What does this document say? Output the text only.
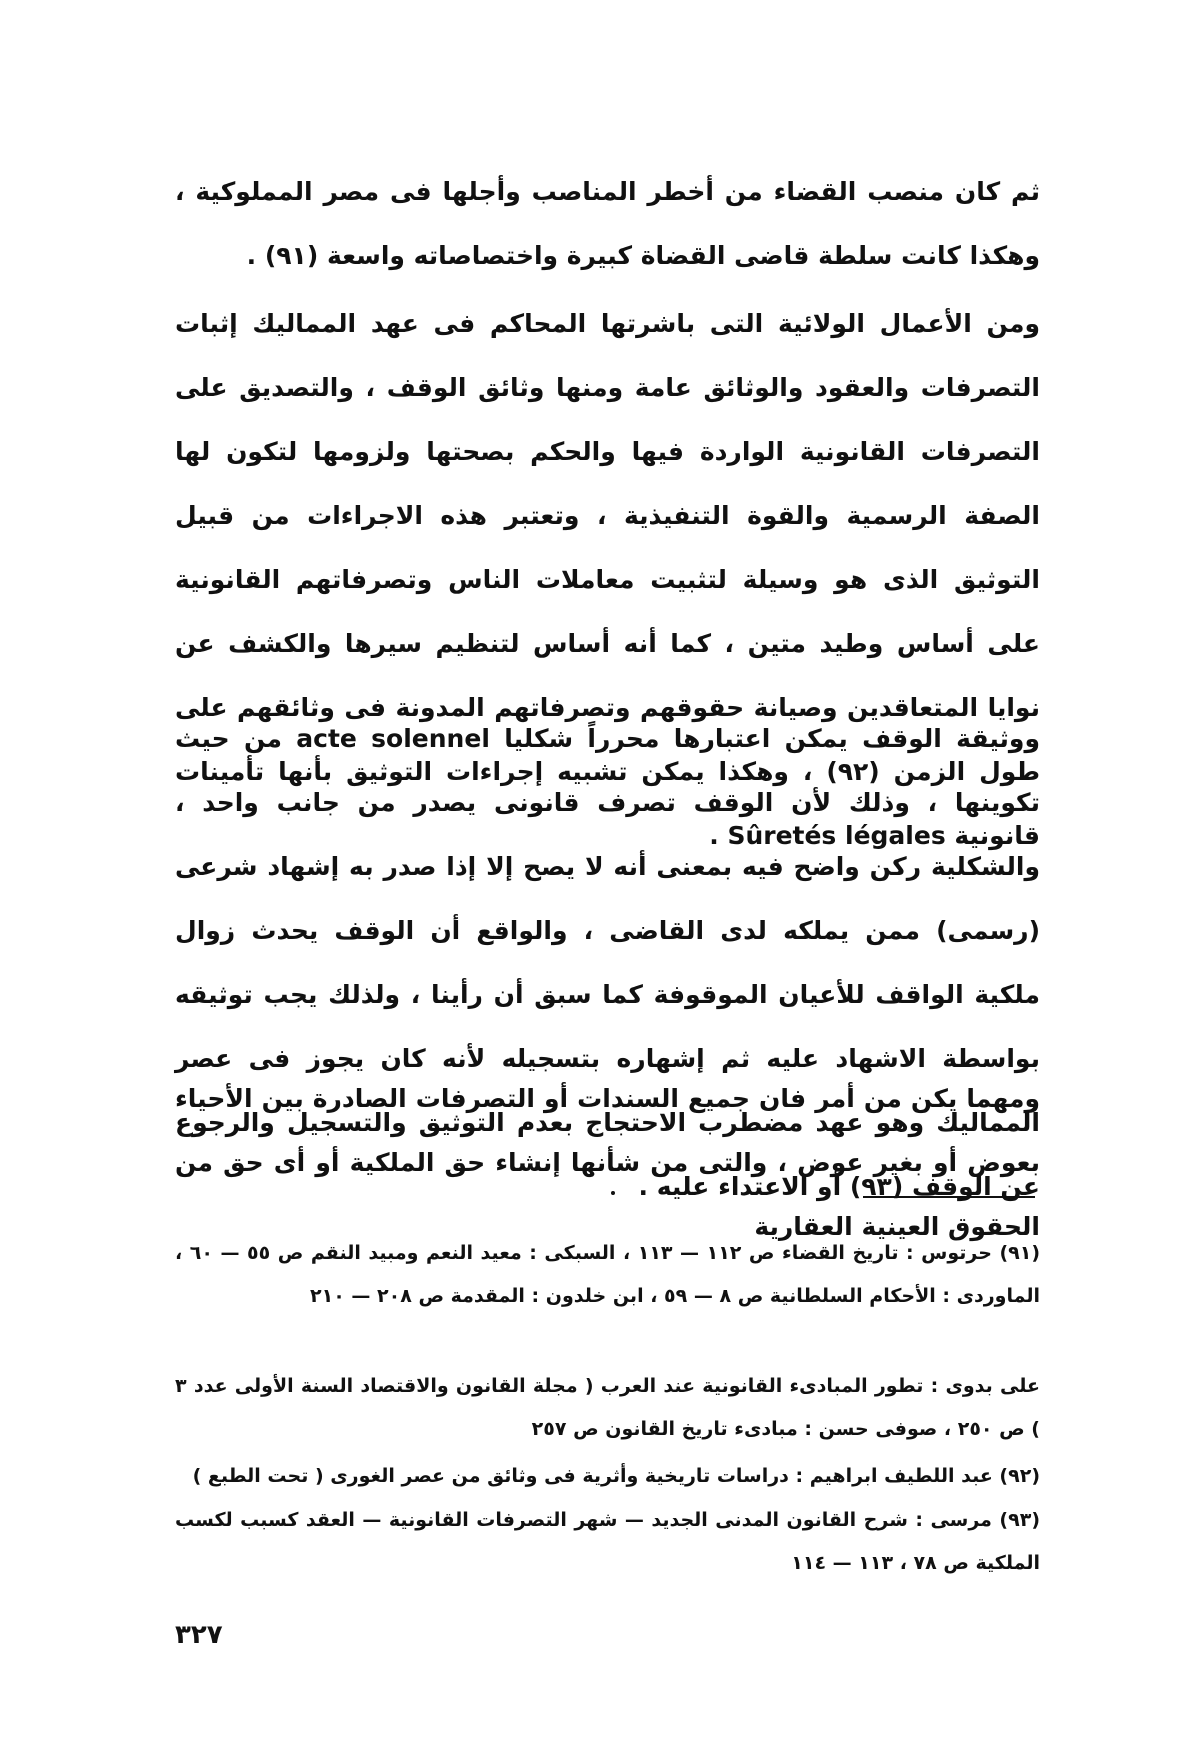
ثم كان منصب القضاء من أخطر المناصب وأجلها فى مصر المملوكية ، وهكذا كانت سلطة قاضى القضاة كبيرة واختصاصاته واسعة (٩١) .

ومن الأعمال الولائية التى باشرتها المحاكم فى عهد المماليك إثبات التصرفات والعقود والوثائق عامة ومنها وثائق الوقف ، والتصديق على التصرفات القانونية الواردة فيها والحكم بصحتها ولزومها لتكون لها الصفة الرسمية والقوة التنفيذية ، وتعتبر هذه الاجراءات من قبيل التوثيق الذى هو وسيلة لتثبيت معاملات الناس وتصرفاتهم القانونية على أساس وطيد متين ، كما أنه أساس لتنظيم سيرها والكشف عن نوايا المتعاقدين وصيانة حقوقهم وتصرفاتهم المدونة فى وثائقهم على طول الزمن (٩٢) ، وهكذا يمكن تشبيه إجراءات التوثيق بأنها تأمينات قانونية Sûretés légales .

ووثيقة الوقف يمكن اعتبارها محرراً شكليا acte solennel من حيث تكوينها ، وذلك لأن الوقف تصرف قانونى يصدر من جانب واحد ، والشكلية ركن واضح فيه بمعنى أنه لا يصح إلا إذا صدر به إشهاد شرعى (رسمى) ممن يملكه لدى القاضى ، والواقع أن الوقف يحدث زوال ملكية الواقف للأعيان الموقوفة كما سبق أن رأينا ، ولذلك يجب توثيقه بواسطة الاشهاد عليه ثم إشهاره بتسجيله لأنه كان يجوز فى عصر المماليك وهو عهد مضطرب الاحتجاج بعدم التوثيق والتسجيل والرجوع عن الوقف (٩٣) أو الاعتداء عليه .

ومهما يكن من أمر فان جميع السندات أو التصرفات الصادرة بين الأحياء بعوض أو بغير عوض ، والتى من شأنها إنشاء حق الملكية أو أى حق من الحقوق العينية العقارية

(٩١) حرتوس : تاريخ القضاء ص ١١٢ — ١١٣ ، السبكى : معيد النعم ومبيد النقم ص ٥٥ — ٦٠ ، الماوردى : الأحكام السلطانية ص ٨ — ٥٩ ، ابن خلدون : المقدمة ص ٢٠٨ — ٢١٠

على بدوى : تطور المبادىء القانونية عند العرب ( مجلة القانون والاقتصاد السنة الأولى عدد ٣ ) ص ٢٥٠ ، صوفى حسن : مبادىء تاريخ القانون ص ٢٥٧

(٩٢) عبد اللطيف ابراهيم : دراسات تاريخية وأثرية فى وثائق من عصر الغورى ( تحت الطبع )

(٩٣) مرسى : شرح القانون المدنى الجديد — شهر التصرفات القانونية — العقد كسبب لكسب الملكية ص ٧٨ ، ١١٣ — ١١٤

٣٢٧
